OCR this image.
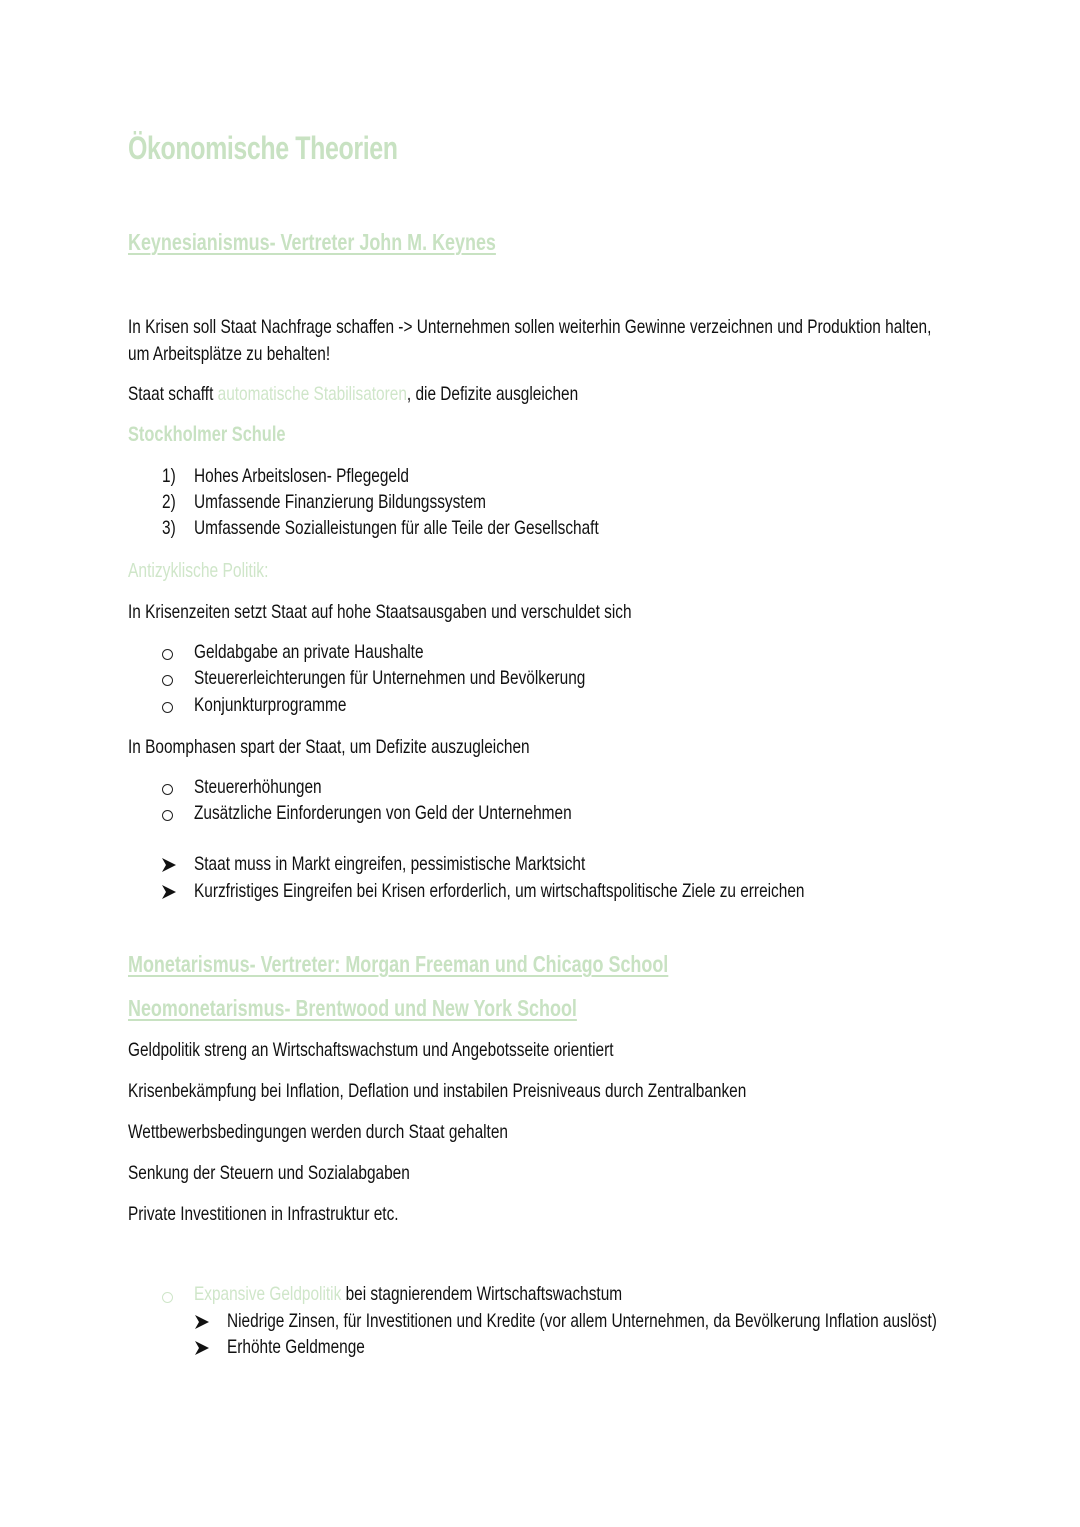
Ökonomische Theorien
Keynesianismus- Vertreter John M. Keynes
In Krisen soll Staat Nachfrage schaffen -> Unternehmen sollen weiterhin Gewinne verzeichnen und Produktion halten,
um Arbeitsplätze zu behalten!
Staat schafft automatische Stabilisatoren, die Defizite ausgleichen
Stockholmer Schule
1) Hohes Arbeitslosen- Pflegegeld
2) Umfassende Finanzierung Bildungssystem
3) Umfassende Sozialleistungen für alle Teile der Gesellschaft
Antizyklische Politik:
In Krisenzeiten setzt Staat auf hohe Staatsausgaben und verschuldet sich
Geldabgabe an private Haushalte
Steuererleichterungen für Unternehmen und Bevölkerung
Konjunkturprogramme
In Boomphasen spart der Staat, um Defizite auszugleichen
Steuererhöhungen
Zusätzliche Einforderungen von Geld der Unternehmen
Staat muss in Markt eingreifen, pessimistische Marktsicht
Kurzfristiges Eingreifen bei Krisen erforderlich, um wirtschaftspolitische Ziele zu erreichen
Monetarismus- Vertreter: Morgan Freeman und Chicago School
Neomonetarismus- Brentwood und New York School
Geldpolitik streng an Wirtschaftswachstum und Angebotsseite orientiert
Krisenbekämpfung bei Inflation, Deflation und instabilen Preisniveaus durch Zentralbanken
Wettbewerbsbedingungen werden durch Staat gehalten
Senkung der Steuern und Sozialabgaben
Private Investitionen in Infrastruktur etc.
Expansive Geldpolitik bei stagnierendem Wirtschaftswachstum
Niedrige Zinsen, für Investitionen und Kredite (vor allem Unternehmen, da Bevölkerung Inflation auslöst)
Erhöhte Geldmenge
